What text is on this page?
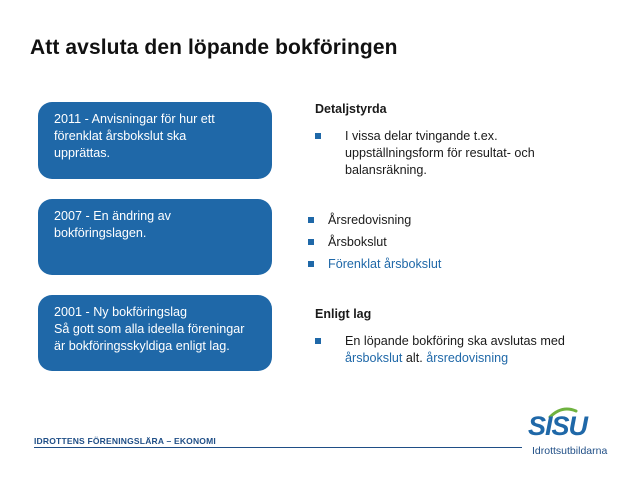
Att avsluta den löpande bokföringen
2011 - Anvisningar för hur ett
förenklat årsbokslut ska
upprättas.
2007 - En ändring av
bokföringslagen.
2001 - Ny bokföringslag
Så gott som alla ideella föreningar
är bokföringsskyldiga enligt lag.

Detaljstyrda

I vissa delar tvingande t.ex.
uppställningsform för resultat- och
balansräkning.
Årsredovisning
Årsbokslut
Förenklat årsbokslut

Enligt lag

En löpande bokföring ska avslutas med
årsbokslut alt. årsredovisning
IDROTTENS FÖRENINGSLÄRA – EKONOMI	SISU
Idrottsutbildarna
